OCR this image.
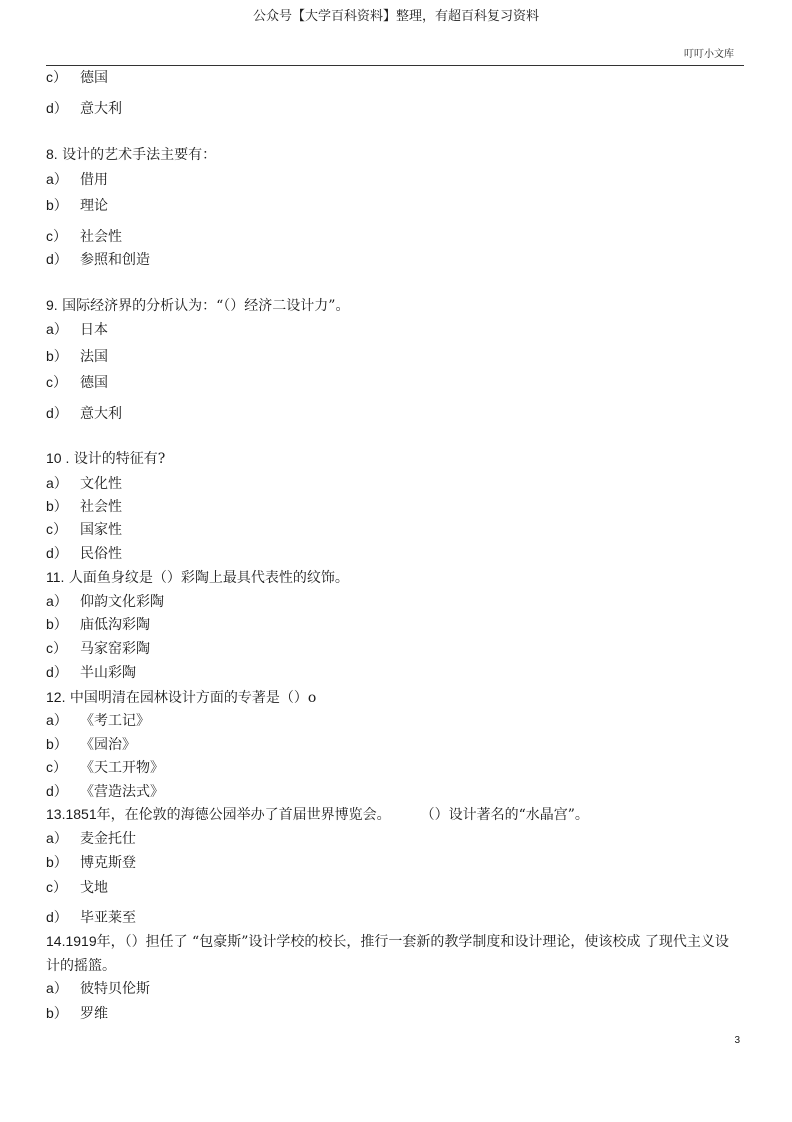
公众号【大学百科资料】整理，有超百科复习资料
叮叮小文库
c） 德国
d） 意大利
8. 设计的艺术手法主要有：
a） 借用
b） 理论
c） 社会性
d） 参照和创造
9. 国际经济界的分析认为：“（）经济二设计力”。
a） 日本
b） 法国
c） 德国
d） 意大利
10 . 设计的特征有?
a） 文化性
b） 社会性
c） 国家性
d） 民俗性
11. 人面鱼身纹是（）彩陶上最具代表性的纹饰。
a） 仰韵文化彩陶
b） 庙低沟彩陶
c） 马家窑彩陶
d） 半山彩陶
12. 中国明清在园林设计方面的专著是（）o
a） 《考工记》
b） 《园治》
c） 《天工开物》
d） 《营造法式》
13.1851年，在伦敦的海德公园举办了首届世界博览会。 （）设计著名的“水晶宫”。
a） 麦金托仕
b） 博克斯登
c） 戈地
d） 毕亚莱至
14.1919年，（）担任了 “包豪斯”设计学校的校长，推行一套新的教学制度和设计理论，使该校成 了现代主义设计的摇篮。
a） 彼特贝伦斯
b） 罗维
3
